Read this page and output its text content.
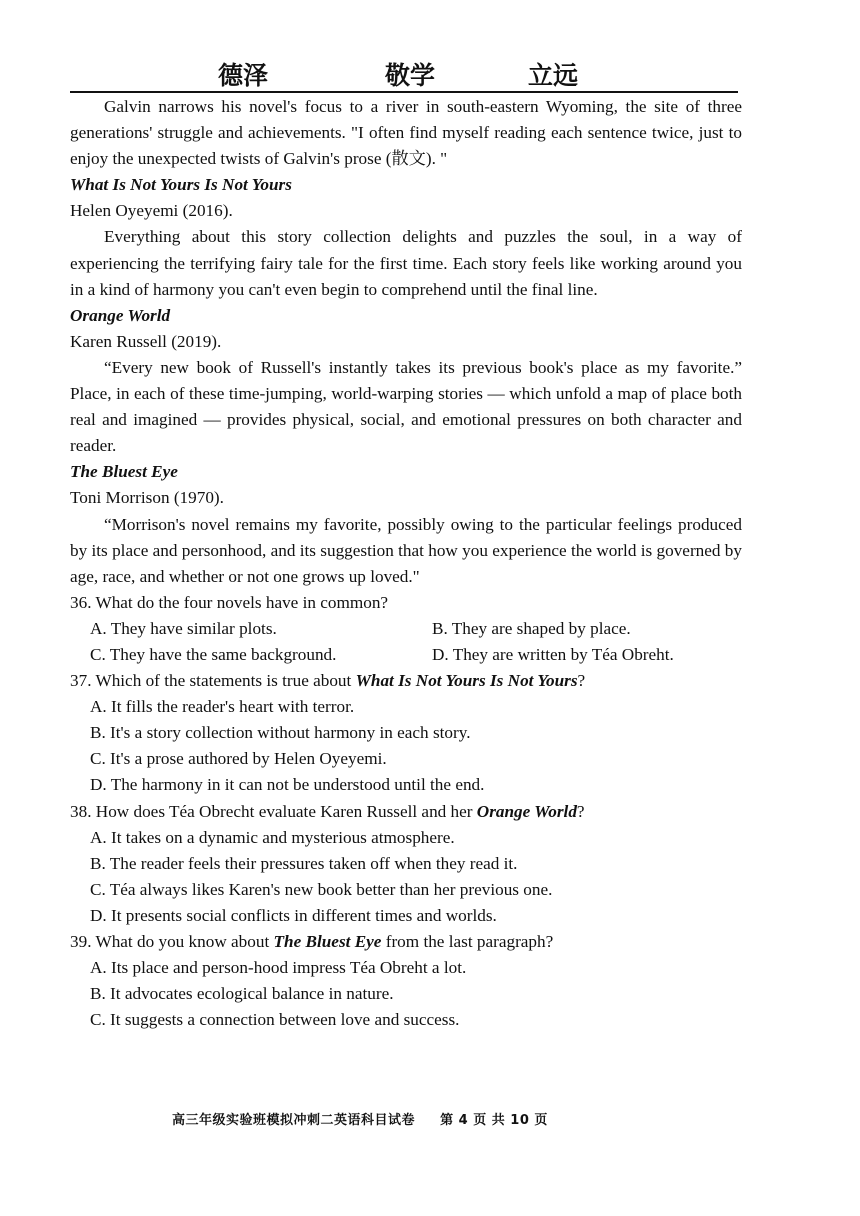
德泽	敬学	立远

Galvin narrows his novel's focus to a river in south-eastern Wyoming, the site of three generations' struggle and achievements. "I often find myself reading each sentence twice, just to enjoy the unexpected twists of Galvin's prose (散文). "

What Is Not Yours Is Not Yours

Helen Oyeyemi (2016).

Everything about this story collection delights and puzzles the soul, in a way of experiencing the terrifying fairy tale for the first time. Each story feels like working around you in a kind of harmony you can't even begin to comprehend until the final line.

Orange World

Karen Russell (2019).

“Every new book of Russell's instantly takes its previous book's place as my favorite.” Place, in each of these time-jumping, world-warping stories — which unfold a map of place both real and imagined — provides physical, social, and emotional pressures on both character and reader.

The Bluest Eye

Toni Morrison (1970).

“Morrison's novel remains my favorite, possibly owing to the particular feelings produced by its place and personhood, and its suggestion that how you experience the world is governed by age, race, and whether or not one grows up loved."

36. What do the four novels have in common?

A. They have similar plots.	B. They are shaped by place.
C. They have the same background.	D. They are written by Téa Obreht.

37. Which of the statements is true about What Is Not Yours Is Not Yours?

A. It fills the reader's heart with terror.

B. It's a story collection without harmony in each story.

C. It's a prose authored by Helen Oyeyemi.

D. The harmony in it can not be understood until the end.

38. How does Téa Obrecht evaluate Karen Russell and her Orange World?

A. It takes on a dynamic and mysterious atmosphere.

B. The reader feels their pressures taken off when they read it.

C. Téa always likes Karen's new book better than her previous one.

D. It presents social conflicts in different times and worlds.

39. What do you know about The Bluest Eye from the last paragraph?

A. Its place and person-hood impress Téa Obreht a lot.

B. It advocates ecological balance in nature.

C. It suggests a connection between love and success.

高三年级实验班模拟冲刺二英语科目试卷 第 4 页 共 10 页
